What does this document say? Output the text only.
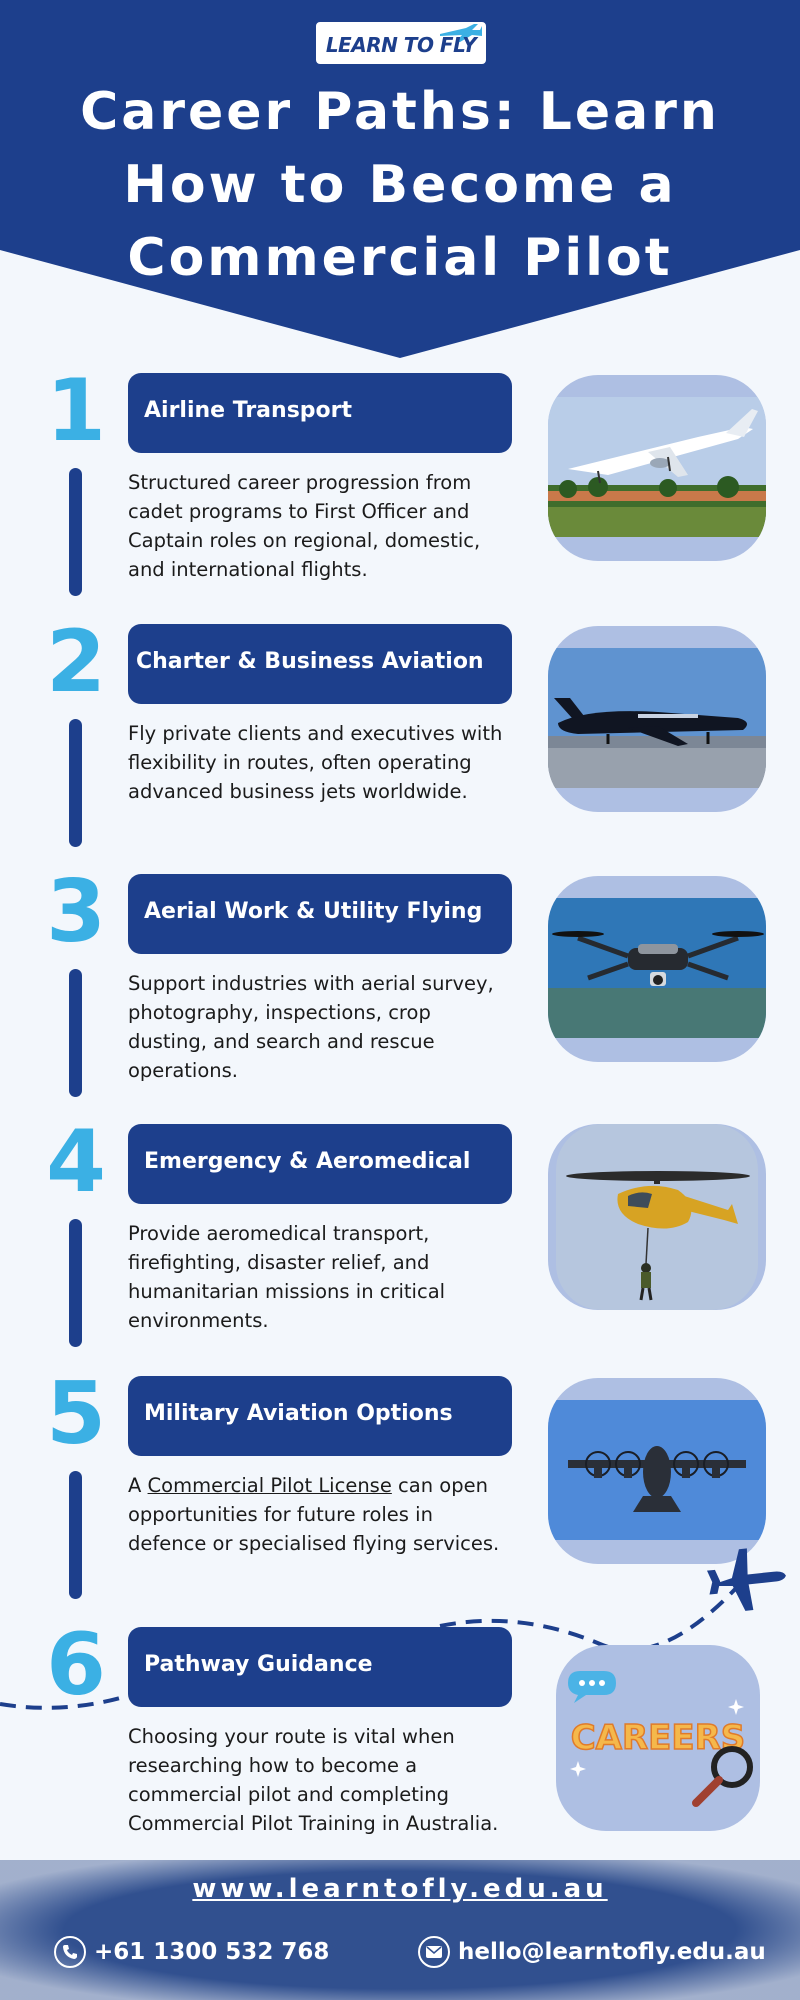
LEARN TO FLY
Career Paths: Learn
How to Become a
Commercial Pilot
1 Airline Transport

Structured career progression from cadet programs to First Officer and Captain roles on regional, domestic, and international flights.

2 Charter & Business Aviation

Fly private clients and executives with flexibility in routes, often operating advanced business jets worldwide.

3 Aerial Work & Utility Flying

Support industries with aerial survey, photography, inspections, crop dusting, and search and rescue operations.

4 Emergency & Aeromedical

Provide aeromedical transport, firefighting, disaster relief, and humanitarian missions in critical environments.

5 Military Aviation Options

A Commercial Pilot License can open opportunities for future roles in defence or specialised flying services.

6 Pathway Guidance

Choosing your route is vital when researching how to become a commercial pilot and completing Commercial Pilot Training in Australia.

CAREERS
www.learntofly.edu.au
+61 1300 532 768	hello@learntofly.edu.au
